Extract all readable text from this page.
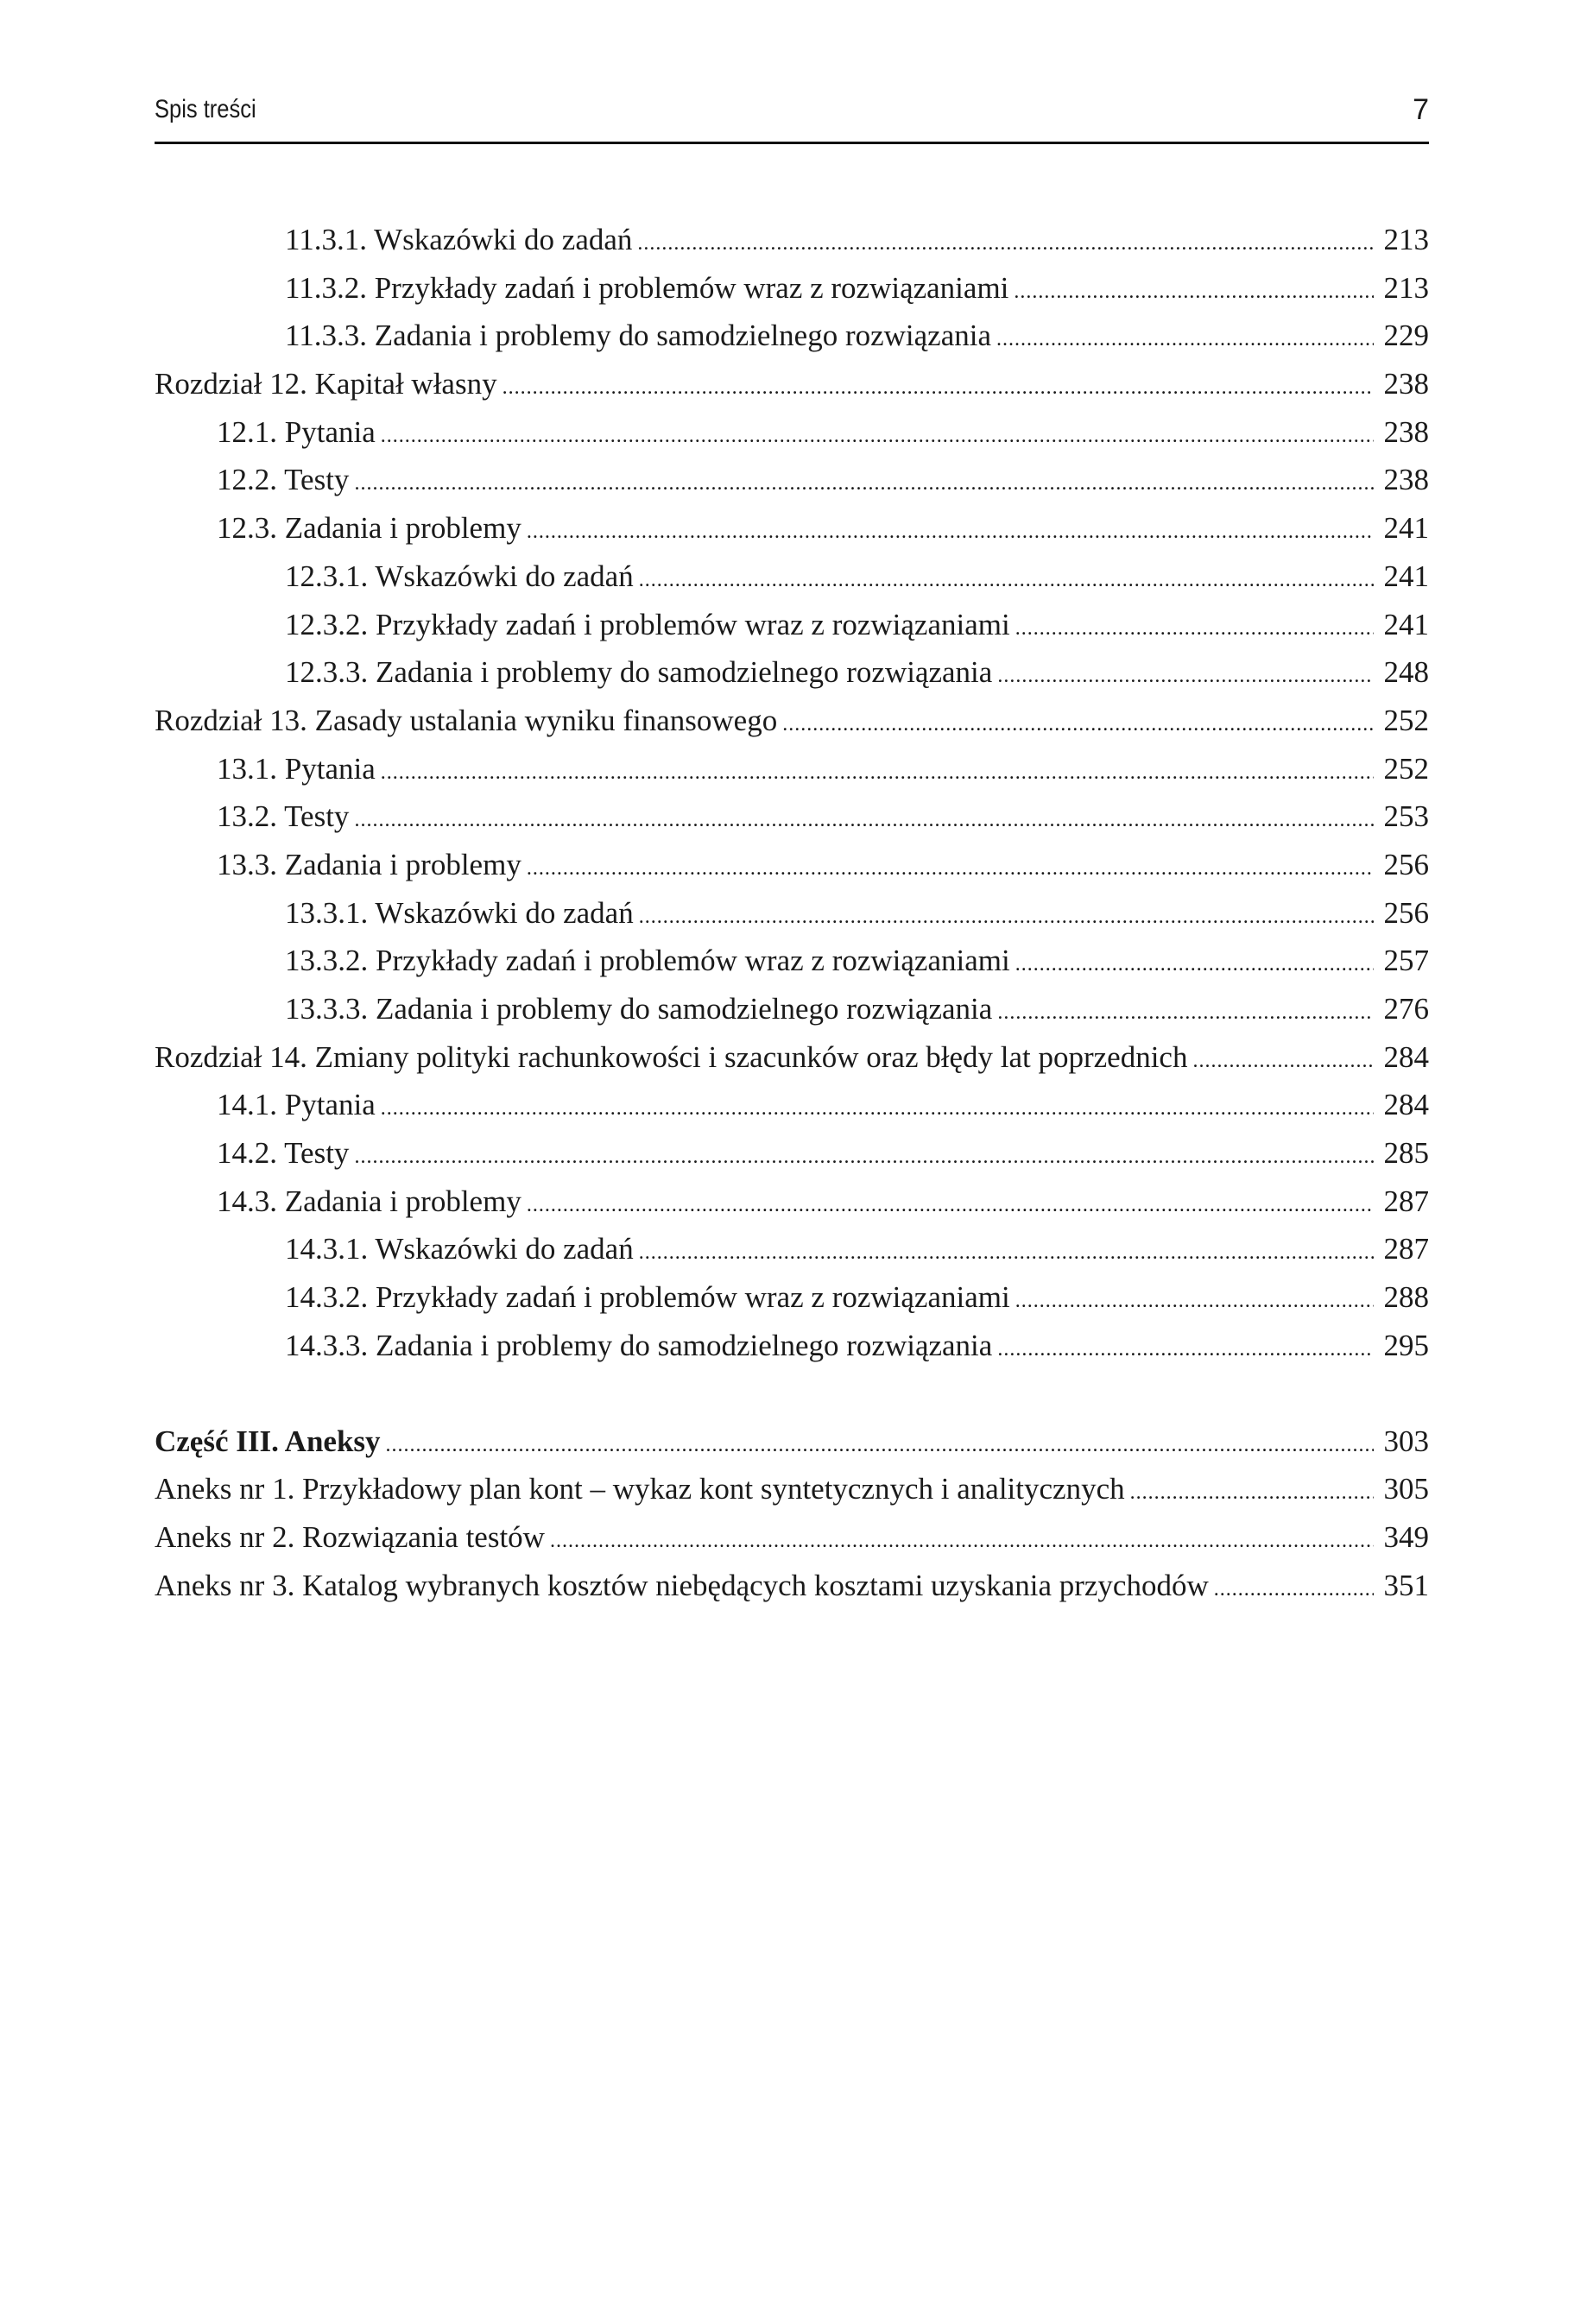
Spis treści	7
11.3.1. Wskazówki do zadań .....	213
11.3.2. Przykłady zadań i problemów wraz z rozwiązaniami .....	213
11.3.3. Zadania i problemy do samodzielnego rozwiązania .....	229
Rozdział 12. Kapitał własny .....	238
12.1. Pytania .....	238
12.2. Testy .....	238
12.3. Zadania i problemy .....	241
12.3.1. Wskazówki do zadań .....	241
12.3.2. Przykłady zadań i problemów wraz z rozwiązaniami .....	241
12.3.3. Zadania i problemy do samodzielnego rozwiązania .....	248
Rozdział 13. Zasady ustalania wyniku finansowego .....	252
13.1. Pytania .....	252
13.2. Testy .....	253
13.3. Zadania i problemy .....	256
13.3.1. Wskazówki do zadań .....	256
13.3.2. Przykłady zadań i problemów wraz z rozwiązaniami .....	257
13.3.3. Zadania i problemy do samodzielnego rozwiązania .....	276
Rozdział 14. Zmiany polityki rachunkowości i szacunków oraz błędy lat poprzednich .....	284
14.1. Pytania .....	284
14.2. Testy .....	285
14.3. Zadania i problemy .....	287
14.3.1. Wskazówki do zadań .....	287
14.3.2. Przykłady zadań i problemów wraz z rozwiązaniami .....	288
14.3.3. Zadania i problemy do samodzielnego rozwiązania .....	295
Część III. Aneksy .....	303
Aneks nr 1. Przykładowy plan kont – wykaz kont syntetycznych i analitycznych .....	305
Aneks nr 2. Rozwiązania testów .....	349
Aneks nr 3. Katalog wybranych kosztów niebędących kosztami uzyskania przychodów .....	351
